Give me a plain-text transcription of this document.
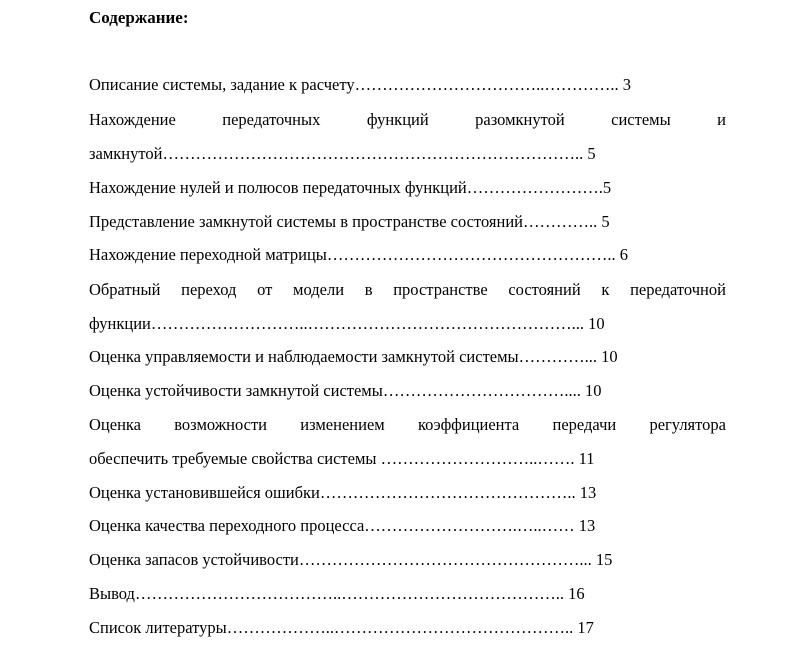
Содержание:
Описание системы, задание к расчету……………………………..………….. 3
Нахождение	передаточных	функций	разомкнутой	системы	и
замкнутой………………………………………………………………….. 5
Нахождение нулей и полюсов передаточных функций…………………….5
Представление замкнутой системы в пространстве состояний………….. 5
Нахождение переходной матрицы…………………………………………….. 6
Обратный переход от модели в пространстве состояний к передаточной
функции………………………..…………………………………………... 10
Оценка управляемости и наблюдаемости замкнутой системы…………... 10
Оценка устойчивости замкнутой системы…………………………….... 10
Оценка возможности изменением коэффициента передачи регулятора
обеспечить требуемые свойства системы ………………………..……. 11
Оценка установившейся ошибки……………………………………….. 13
Оценка качества переходного процесса……………………….…..…… 13
Оценка запасов устойчивости……………………………………………... 15
Вывод………………………………..………………………………….. 16
Список литературы………………..…………………………………….. 17
